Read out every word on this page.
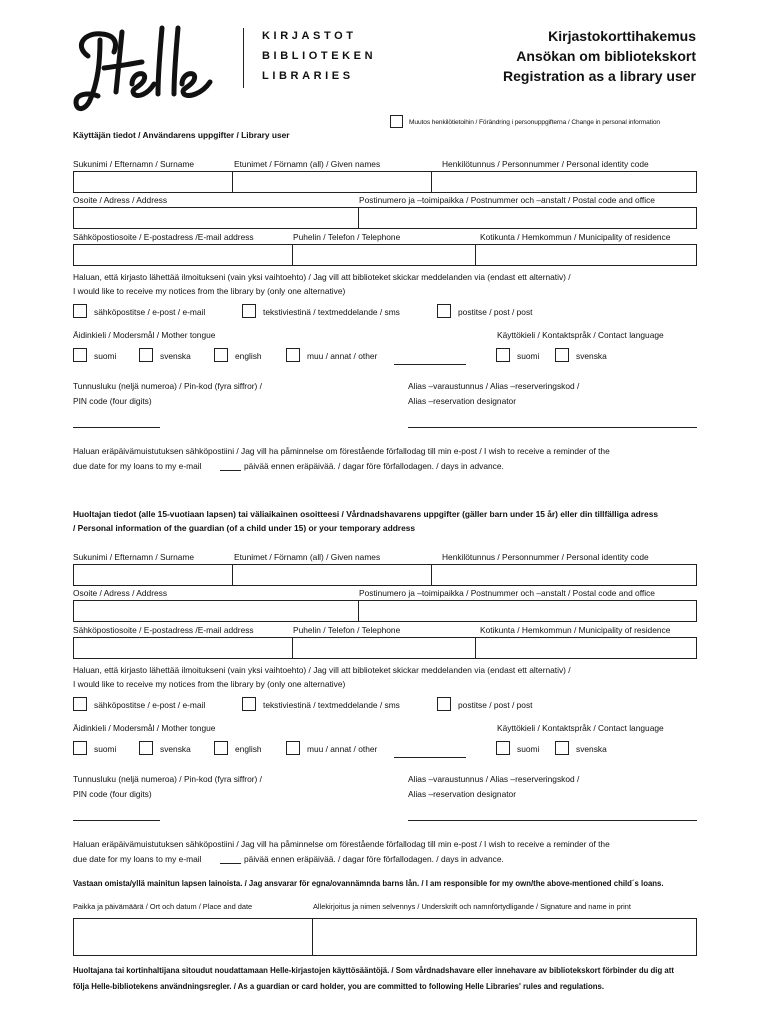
KIRJASTOT
BIBLIOTEKEN
LIBRARIES
Kirjastokorttihakemus
Ansökan om bibliotekskort
Registration as a library user
Muutos henkilötietoihin / Förändring i personuppgifterna / Change in personal information
Käyttäjän tiedot / Användarens uppgifter / Library user
Sukunimi / Efternamn / Surname	Etunimet / Förnamn (all) / Given names	Henkilötunnus / Personnummer / Personal identity code
Osoite / Adress / Address	Postinumero ja –toimipaikka / Postnummer och –anstalt / Postal code and office
Sähköpostiosoite / E-postadress /E-mail address	Puhelin / Telefon / Telephone	Kotikunta / Hemkommun / Municipality of residence
Haluan, että kirjasto lähettää ilmoitukseni (vain yksi vaihtoehto) / Jag vill att biblioteket skickar meddelanden via (endast ett alternativ) /
I would like to receive my notices from the library by (only one alternative)
sähköpostitse / e-post / e-mail	tekstiviestinä / textmeddelande / sms	postitse / post / post
Äidinkieli / Modersmål / Mother tongue	Käyttökieli / Kontaktspråk / Contact language
suomi	svenska	english	muu / annat / other	suomi	svenska
Tunnusluku (neljä numeroa) / Pin-kod (fyra siffror) /
PIN code (four digits)
Alias –varaustunnus / Alias –reserveringskod /
Alias –reservation designator
Haluan eräpäivämuistutuksen sähköpostiini / Jag vill ha påminnelse om förestående förfallodag till min e-post / I wish to receive a reminder of the
due date for my loans to my e-mail	päivää ennen eräpäivää. / dagar före förfallodagen. / days in advance.
Sukunimi / Efternamn / Surname	Etunimet / Förnamn (all) / Given names	Henkilötunnus / Personnummer / Personal identity code
Osoite / Adress / Address	Postinumero ja –toimipaikka / Postnummer och –anstalt / Postal code and office
Sähköpostiosoite / E-postadress /E-mail address	Puhelin / Telefon / Telephone	Kotikunta / Hemkommun / Municipality of residence
Haluan, että kirjasto lähettää ilmoitukseni (vain yksi vaihtoehto) / Jag vill att biblioteket skickar meddelanden via (endast ett alternativ) /
I would like to receive my notices from the library by (only one alternative)
sähköpostitse / e-post / e-mail	tekstiviestinä / textmeddelande / sms	postitse / post / post
Äidinkieli / Modersmål / Mother tongue	Käyttökieli / Kontaktspråk / Contact language
suomi	svenska	english	muu / annat / other	suomi	svenska
Tunnusluku (neljä numeroa) / Pin-kod (fyra siffror) /
PIN code (four digits)
Alias –varaustunnus / Alias –reserveringskod /
Alias –reservation designator
Haluan eräpäivämuistutuksen sähköpostiini / Jag vill ha påminnelse om förestående förfallodag till min e-post / I wish to receive a reminder of the
due date for my loans to my e-mail	päivää ennen eräpäivää. / dagar före förfallodagen. / days in advance.
Huoltajan tiedot (alle 15-vuotiaan lapsen) tai väliaikainen osoitteesi / Vårdnadshavarens uppgifter (gäller barn under 15 år) eller din tillfälliga adress
/ Personal information of the guardian (of a child under 15) or your temporary address
Vastaan omista/yllä mainitun lapsen lainoista. / Jag ansvarar för egna/ovannämnda barns lån. / I am responsible for my own/the above-mentioned child´s loans.
Paikka ja päivämäärä / Ort och datum / Place and date	Allekirjoitus ja nimen selvennys / Underskrift och namnförtydligande / Signature and name in print
Huoltajana tai kortinhaltijana sitoudut noudattamaan Helle-kirjastojen käyttösääntöjä. / Som vårdnadshavare eller innehavare av bibliotekskort förbinder du dig att
följa Helle-bibliotekens användningsregler. / As a guardian or card holder, you are committed to following Helle Libraries' rules and regulations.
